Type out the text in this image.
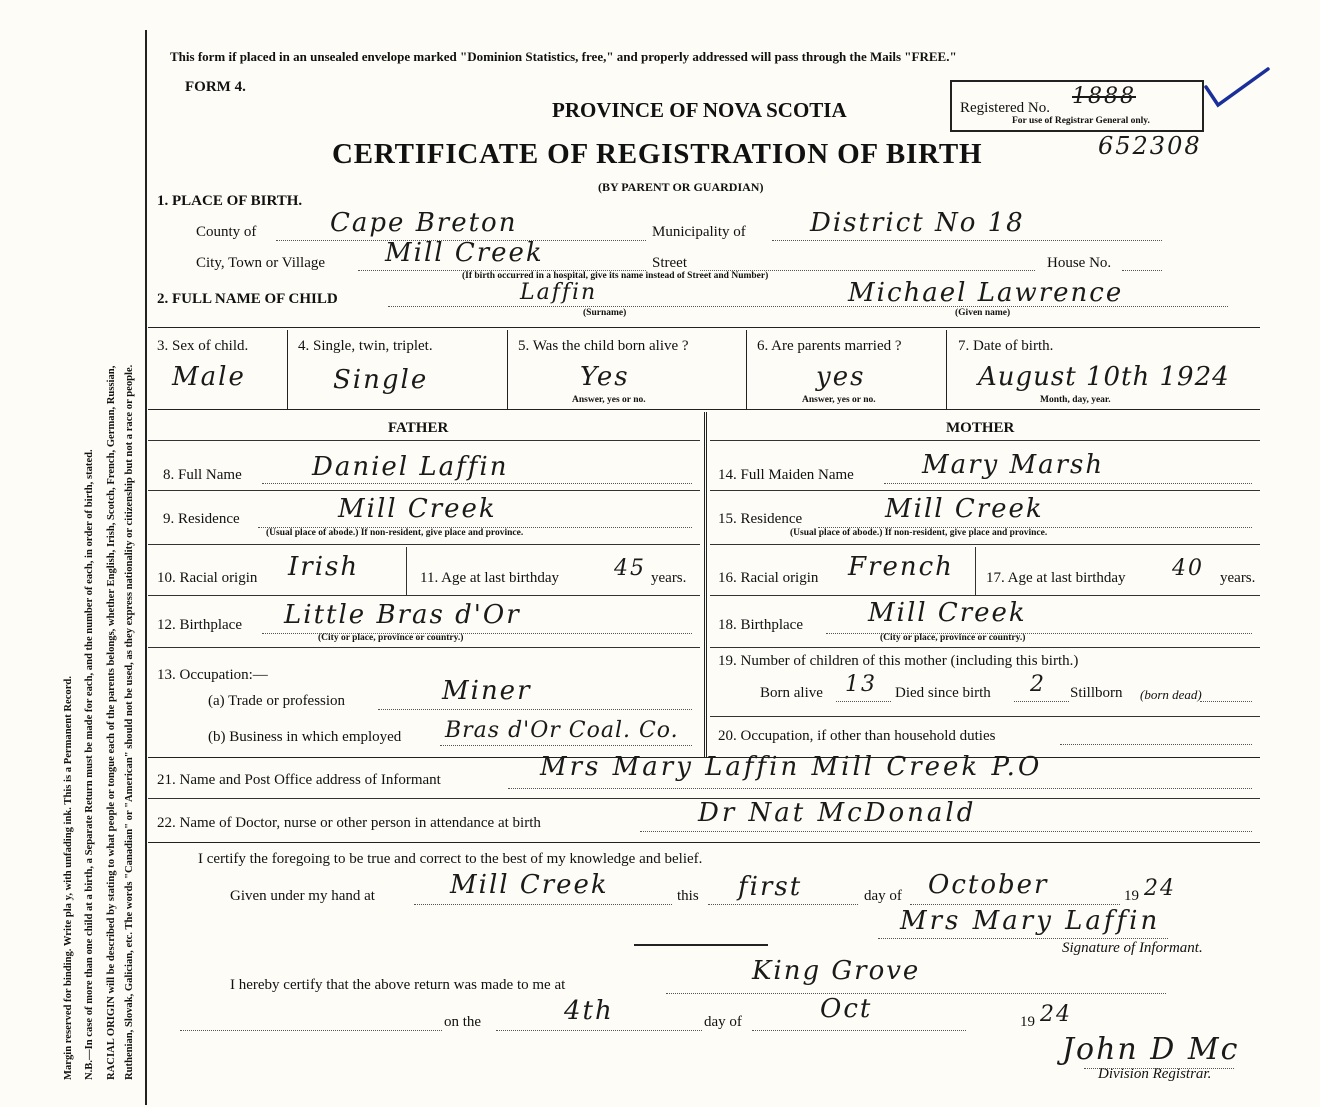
Margin reserved for binding. Write pla y, with unfading ink. This is a Permanent Record. N.B.—In case of more than one child at a birth, a Separate Return must be made for each, and the number of each, in order of birth, stated. RACIAL ORIGIN will be described by stating to what people or tongue each of the parents belongs, whether English, Irish, Scotch, French, German, Russian, Ruthenian, Slovak, Galician, etc. The words "Canadian" or "American" should not be used, as they express nationality or citizenship but not a race or people.
This form if placed in an unsealed envelope marked "Dominion Statistics, free," and properly addressed will pass through the Mails "FREE."
FORM 4.
PROVINCE OF NOVA SCOTIA
CERTIFICATE OF REGISTRATION OF BIRTH
(BY PARENT OR GUARDIAN)
Registered No. 1888
For use of Registrar General only.
652308
1. PLACE OF BIRTH.
County of	Cape Breton	Municipality of District No 18
City, Town or Village Mill Creek	Street	House No.
(If birth occurred in a hospital, give its name instead of Street and Number)
2. FULL NAME OF CHILD	Laffin
(Surname)
Michael Lawrence
(Given name)
3. Sex of child.
Male
4. Single, twin, triplet.
Single
5. Was the child born alive ?
Yes
Answer, yes or no.
6. Are parents married ?
yes
Answer, yes or no.
7. Date of birth.
August 10th 1924
Month, day, year.
FATHER	MOTHER
8. Full Name	Daniel Laffin
9. Residence	Mill Creek
(Usual place of abode.) If non-resident, give place and province.
10. Racial origin Irish	11. Age at last birthday	45 years.
12. Birthplace Little Bras d'Or
(City or place, province or country.)
13. Occupation:—
(a) Trade or profession	Miner
(b) Business in which employed Bras d'Or Coal. Co.
14. Full Maiden Name	Mary Marsh
15. Residence	Mill Creek
(Usual place of abode.) If non-resident, give place and province.
16. Racial origin French 17. Age at last birthday 40 years.
18. Birthplace	Mill Creek
(City or place, province or country.)
19. Number of children of this mother (including this birth.)
Born alive 13 Died since birth 2 Stillborn (born dead)
20. Occupation, if other than household duties
21. Name and Post Office address of Informant	Mrs Mary Laffin Mill Creek P.O
22. Name of Doctor, nurse or other person in attendance at birth	Dr Nat McDonald
I certify the foregoing to be true and correct to the best of my knowledge and belief.
Given under my hand at	Mill Creek	this first	day of October	19 24
Mrs Mary Laffin
Signature of Informant.
I hereby certify that the above return was made to me at	King Grove
on the	4th	day of	Oct	19 24
John D Mc
Division Registrar.
